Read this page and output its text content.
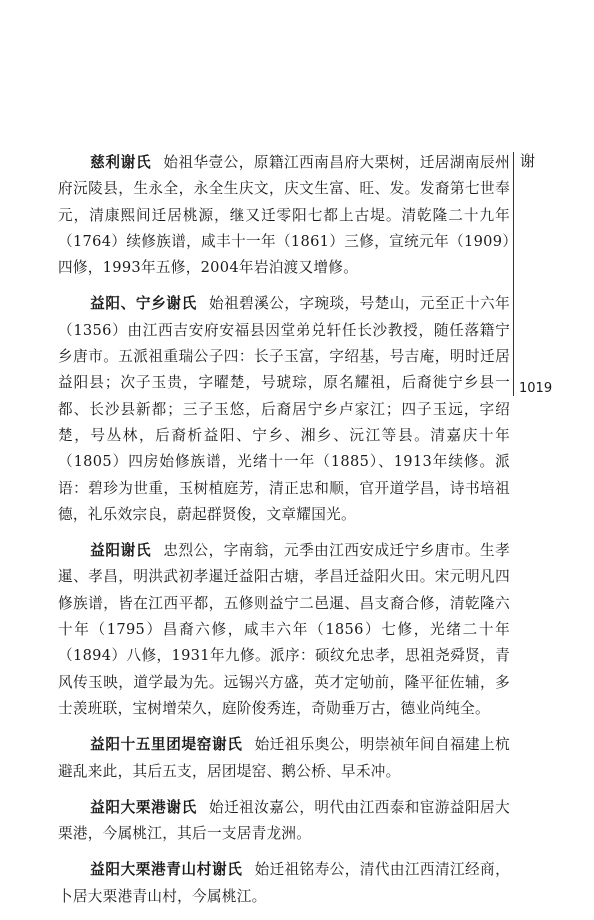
慈利谢氏 始祖华壹公，原籍江西南昌府大栗树，迁居湖南辰州府沅陵县，生永全，永全生庆文，庆文生富、旺、发。发裔第七世奉元，清康熙间迁居桃源，继又迁零阳七都上古堤。清乾隆二十九年（1764）续修族谱，咸丰十一年（1861）三修，宣统元年（1909）四修，1993年五修，2004年岩泊渡又增修。

益阳、宁乡谢氏 始祖碧溪公，字琬琰，号楚山，元至正十六年（1356）由江西吉安府安福县因堂弟兑轩任长沙教授，随任落籍宁乡唐市。五派祖重瑞公子四：长子玉富，字绍基，号吉庵，明时迁居益阳县；次子玉贵，字曜楚，号琥琮，原名耀祖，后裔徙宁乡县一都、长沙县新都；三子玉悠，后裔居宁乡卢家江；四子玉远，字绍楚，号丛林，后裔析益阳、宁乡、湘乡、沅江等县。清嘉庆十年（1805）四房始修族谱，光绪十一年（1885）、1913年续修。派语：碧珍为世重，玉树植庭芳，清正忠和顺，官开道学昌，诗书培祖德，礼乐效宗良，蔚起群贤俊，文章耀国光。

益阳谢氏 忠烈公，字南翁，元季由江西安成迁宁乡唐市。生孝暹、孝昌，明洪武初孝暹迁益阳古塘，孝昌迁益阳火田。宋元明凡四修族谱，皆在江西平都，五修则益宁二邑暹、昌支裔合修，清乾隆六十年（1795）昌裔六修，咸丰六年（1856）七修，光绪二十年（1894）八修，1931年九修。派序：硕纹允忠孝，思祖尧舜贤，青风传玉映，道学最为先。远锡兴方盛，英才定劬前，隆平征佐辅，多士羡班联，宝树增荣久，庭阶俊秀连，奇勋垂万古，德业尚纯全。

益阳十五里团堤窑谢氏 始迁祖乐奥公，明崇祯年间自福建上杭避乱来此，其后五支，居团堤窑、鹅公桥、早禾冲。

益阳大栗港谢氏 始迁祖汝嘉公，明代由江西泰和宦游益阳居大栗港，今属桃江，其后一支居青龙洲。

益阳大栗港青山村谢氏 始迁祖铭寿公，清代由江西清江经商，卜居大栗港青山村，今属桃江。

谢
1019
